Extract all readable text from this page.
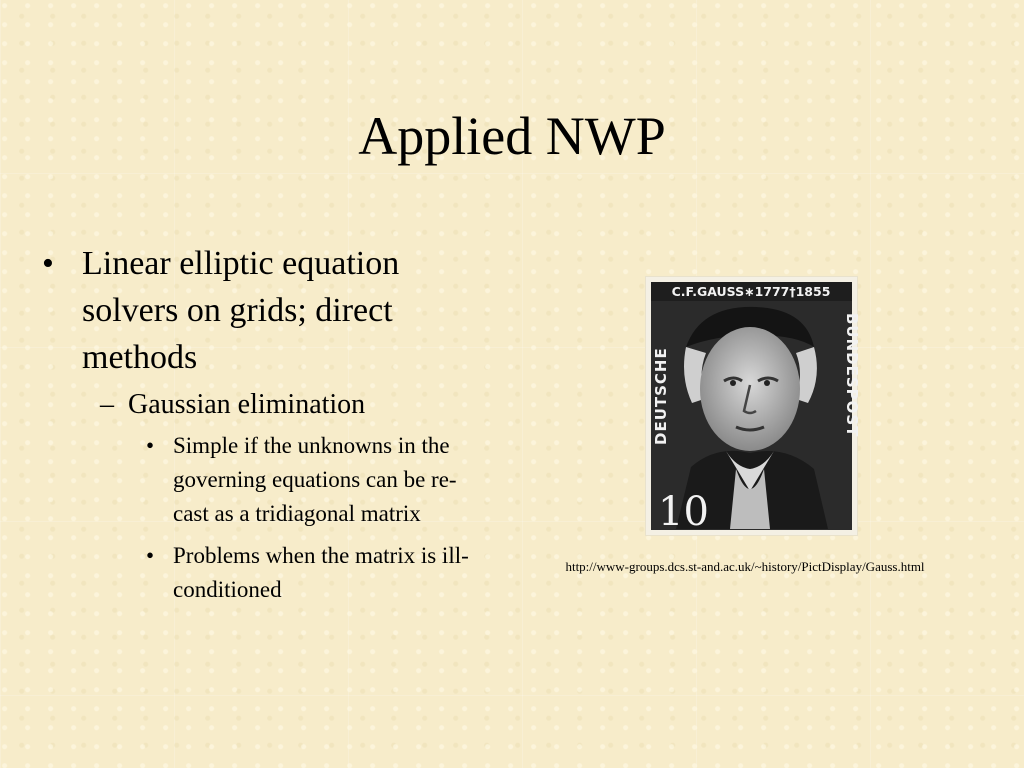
Applied NWP
• Linear elliptic equation solvers on grids; direct methods
– Gaussian elimination
• Simple if the unknowns in the governing equations can be re-cast as a tridiagonal matrix
• Problems when the matrix is ill-conditioned
C.F.GAUSS∗1777†1855
DEUTSCHE	BUNDESPOST
10
http://www-groups.dcs.st-and.ac.uk/~history/PictDisplay/Gauss.html
